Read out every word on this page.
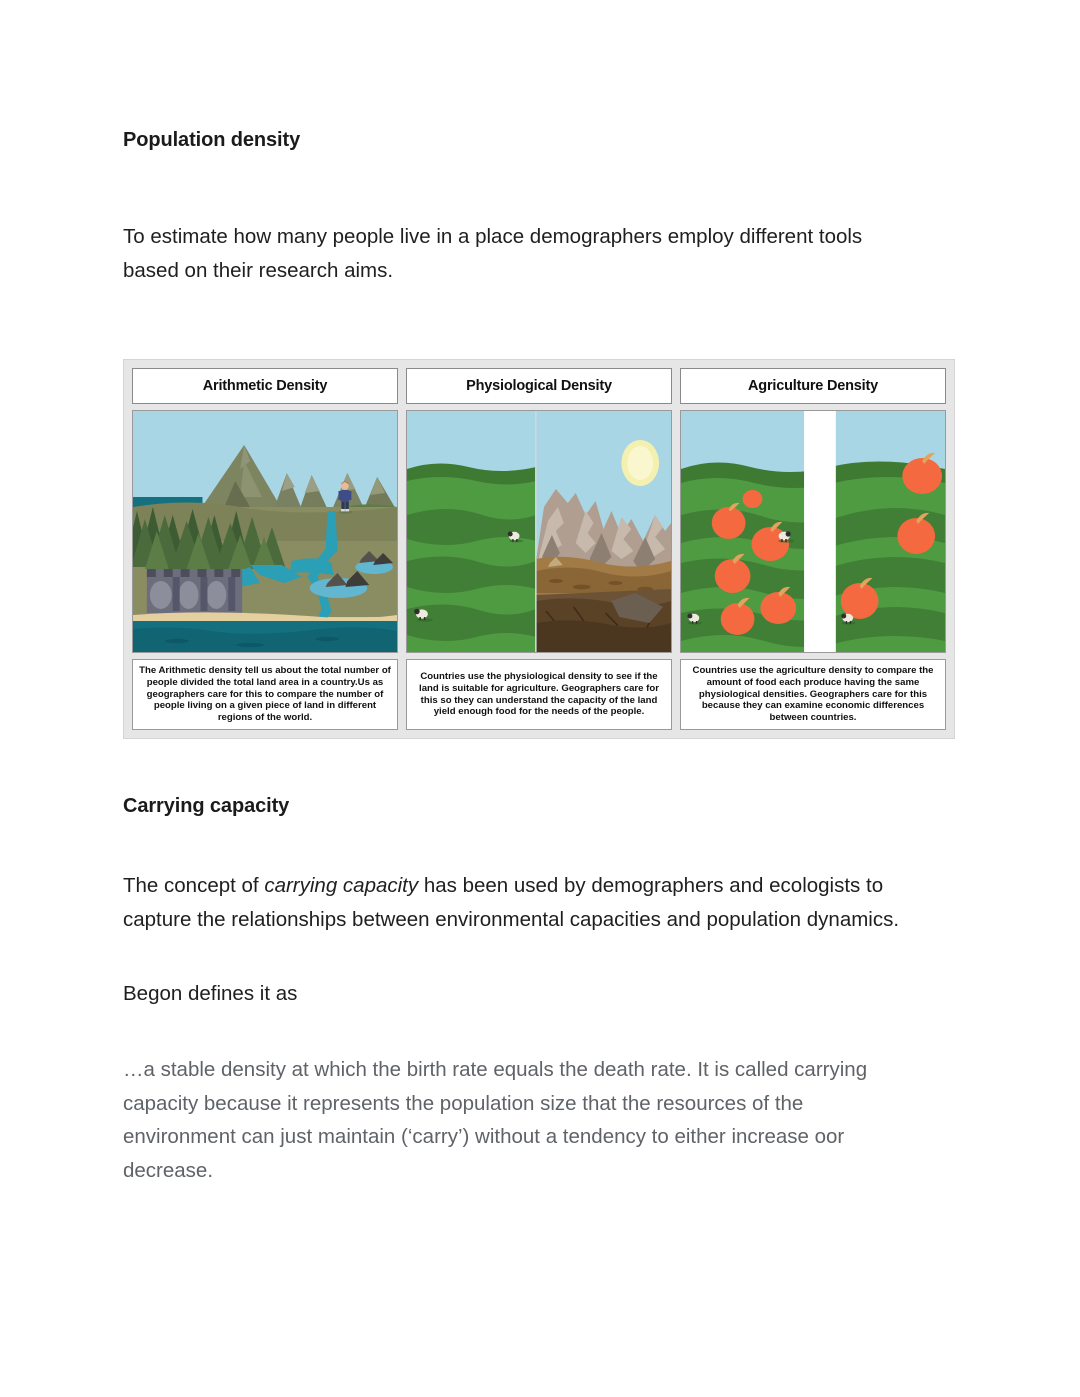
Population density

To estimate how many people live in a place demographers employ different tools based on their research aims.

Arithmetic Density
The Arithmetic density tell us about the total number of people divided the total land area in a country.Us as geographers care for this to compare the number of people living on a given piece of land in different regions of the world.
Physiological Density
Countries use the physiological density to see if the land is suitable for agriculture. Geographers care for this so they can understand the capacity of the land yield enough food for the needs of the people.
Agriculture Density
Countries use the agriculture density to compare the amount of food each produce having the same physiological densities. Geographers care for this because they can examine economic differences between countries.
Carrying capacity

The concept of carrying capacity has been used by demographers and ecologists to capture the relationships between environmental capacities and population dynamics.

Begon defines it as

…a stable density at which the birth rate equals the death rate. It is called carrying capacity because it represents the population size that the resources of the environment can just maintain (‘carry’) without a tendency to either increase oor decrease.
